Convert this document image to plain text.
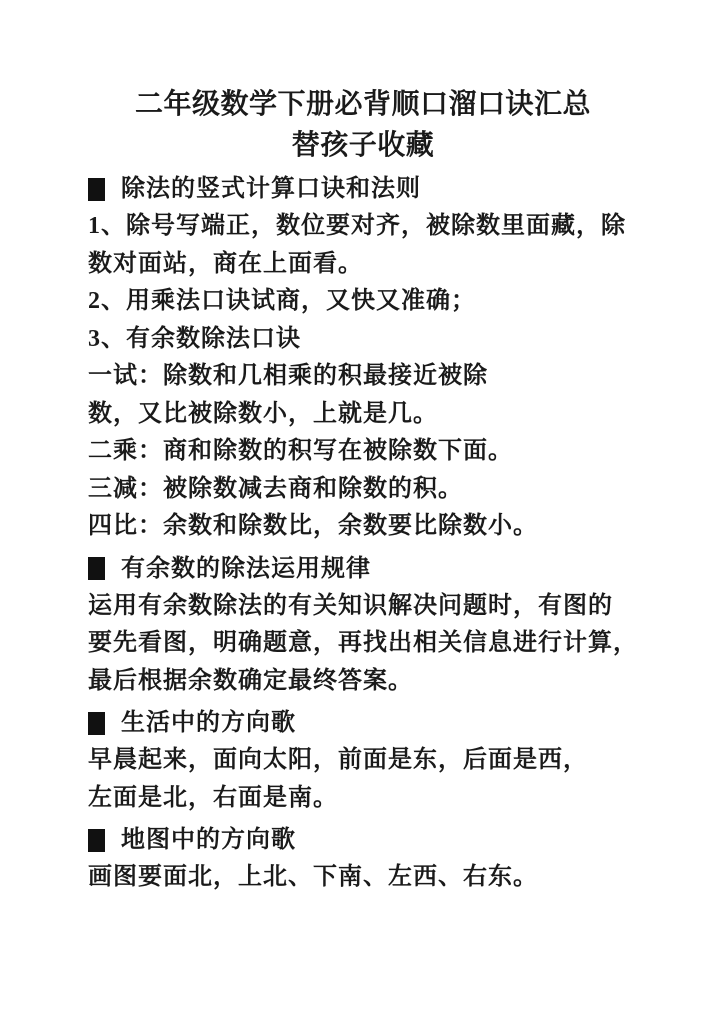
二年级数学下册必背顺口溜口诀汇总
替孩子收藏
除法的竖式计算口诀和法则
1、除号写端正，数位要对齐，被除数里面藏，除
数对面站，商在上面看。
2、用乘法口诀试商，又快又准确；
3、有余数除法口诀
一试：除数和几相乘的积最接近被除
数，又比被除数小，上就是几。
二乘：商和除数的积写在被除数下面。
三减：被除数减去商和除数的积。
四比：余数和除数比，余数要比除数小。
有余数的除法运用规律
运用有余数除法的有关知识解决问题时，有图的
要先看图，明确题意，再找出相关信息进行计算，
最后根据余数确定最终答案。
生活中的方向歌
早晨起来，面向太阳，前面是东，后面是西，
左面是北，右面是南。
地图中的方向歌
画图要面北，上北、下南、左西、右东。
